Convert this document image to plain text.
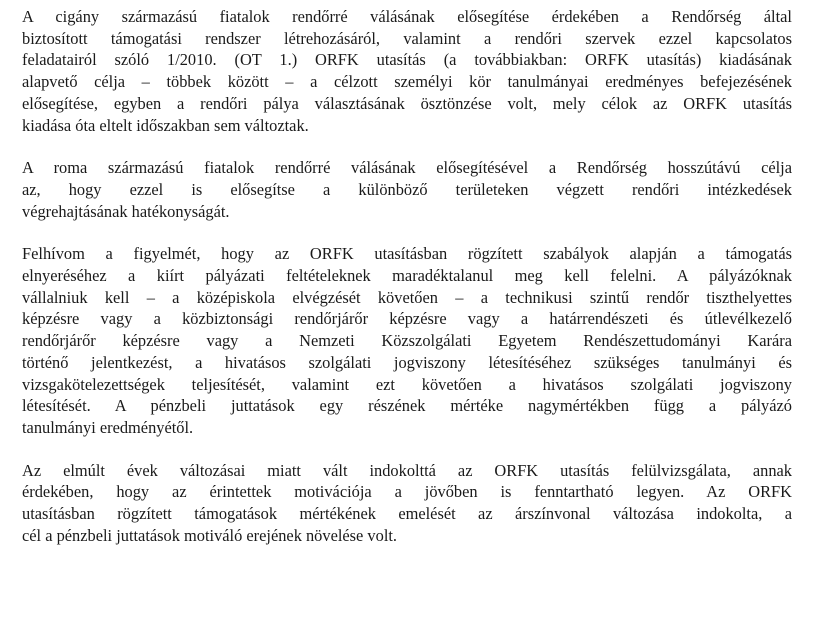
A cigány származású fiatalok rendőrré válásának elősegítése érdekében a Rendőrség által
biztosított támogatási rendszer létrehozásáról, valamint a rendőri szervek ezzel kapcsolatos
feladatairól szóló 1/2010. (OT 1.) ORFK utasítás (a továbbiakban: ORFK utasítás) kiadásának
alapvető célja – többek között – a célzott személyi kör tanulmányai eredményes befejezésének
elősegítése, egyben a rendőri pálya választásának ösztönzése volt, mely célok az ORFK utasítás
kiadása óta eltelt időszakban sem változtak.
A roma származású fiatalok rendőrré válásának elősegítésével a Rendőrség hosszútávú célja
az, hogy ezzel is elősegítse a különböző területeken végzett rendőri intézkedések
végrehajtásának hatékonyságát.
Felhívom a figyelmét, hogy az ORFK utasításban rögzített szabályok alapján a támogatás
elnyeréséhez a kiírt pályázati feltételeknek maradéktalanul meg kell felelni. A pályázóknak
vállalniuk kell – a középiskola elvégzését követően – a technikusi szintű rendőr tiszthelyettes
képzésre vagy a közbiztonsági rendőrjárőr képzésre vagy a határrendészeti és útlevélkezelő
rendőrjárőr képzésre vagy a Nemzeti Közszolgálati Egyetem Rendészettudományi Karára
történő jelentkezést, a hivatásos szolgálati jogviszony létesítéséhez szükséges tanulmányi és
vizsgakötelezettségek teljesítését, valamint ezt követően a hivatásos szolgálati jogviszony
létesítését. A pénzbeli juttatások egy részének mértéke nagymértékben függ a pályázó
tanulmányi eredményétől.
Az elmúlt évek változásai miatt vált indokolttá az ORFK utasítás felülvizsgálata, annak
érdekében, hogy az érintettek motivációja a jövőben is fenntartható legyen. Az ORFK
utasításban rögzített támogatások mértékének emelését az árszínvonal változása indokolta, a
cél a pénzbeli juttatások motiváló erejének növelése volt.
